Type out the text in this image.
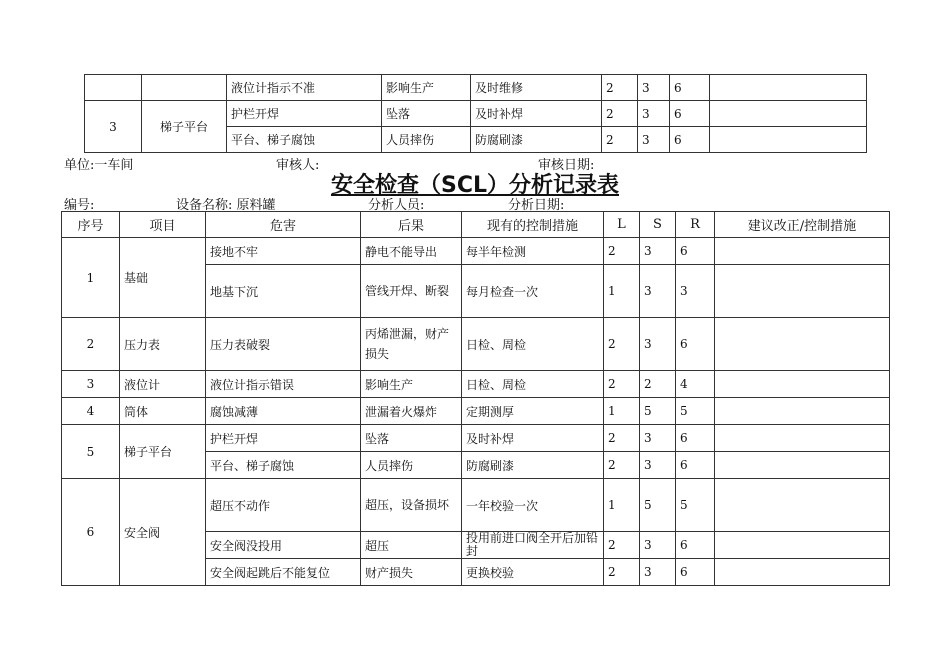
		液位计指示不准	影响生产	及时维修	2	3	6	
3	梯子平台	护栏开焊	坠落	及时补焊	2	3	6	
		平台、梯子腐蚀	人员摔伤	防腐刷漆	2	3	6	
单位:一车间	审核人:	审核日期:
安全检查（SCL）分析记录表
编号:	设备名称: 原料罐	分析人员:	分析日期:
序号	项目	危害	后果	现有的控制措施	L	S	R	建议改正/控制措施
1	基础	接地不牢	静电不能导出	每半年检测	2	3	6	
		地基下沉	管线开焊、断裂	每月检查一次	1	3	3	
2	压力表	压力表破裂	丙烯泄漏，财产损失	日检、周检	2	3	6	
3	液位计	液位计指示错误	影响生产	日检、周检	2	2	4	
4	筒体	腐蚀减薄	泄漏着火爆炸	定期测厚	1	5	5	
5	梯子平台	护栏开焊	坠落	及时补焊	2	3	6	
		平台、梯子腐蚀	人员摔伤	防腐刷漆	2	3	6	
6	安全阀	超压不动作	超压，设备损坏	一年校验一次	1	5	5	
		安全阀没投用	超压	投用前进口阀全开后加铅封	2	3	6	
		安全阀起跳后不能复位	财产损失	更换校验	2	3	6	
